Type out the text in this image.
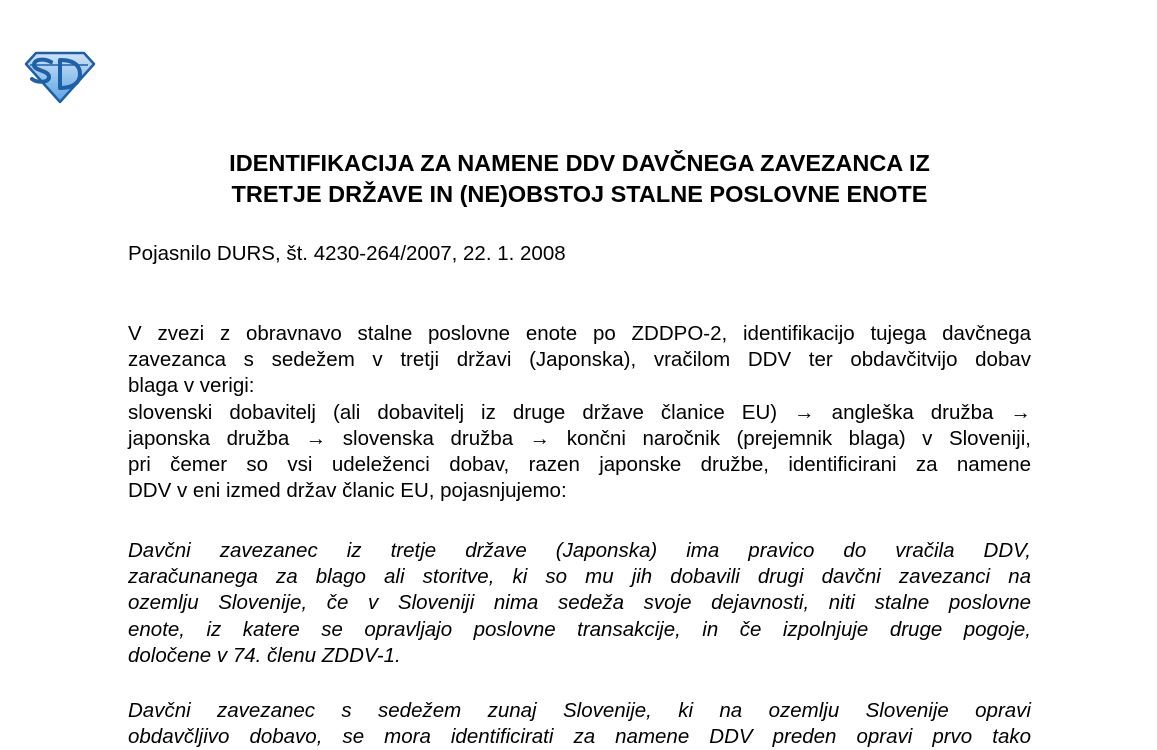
IDENTIFIKACIJA ZA NAMENE DDV DAVČNEGA ZAVEZANCA IZ
TRETJE DRŽAVE IN (NE)OBSTOJ STALNE POSLOVNE ENOTE

Pojasnilo DURS, št. 4230-264/2007, 22. 1. 2008

V zvezi z obravnavo stalne poslovne enote po ZDDPO-2, identifikacijo tujega davčnega
zavezanca s sedežem v tretji državi (Japonska), vračilom DDV ter obdavčitvijo dobav
blaga v verigi:
slovenski dobavitelj (ali dobavitelj iz druge države članice EU) → angleška družba →
japonska družba → slovenska družba → končni naročnik (prejemnik blaga) v Sloveniji,
pri čemer so vsi udeleženci dobav, razen japonske družbe, identificirani za namene
DDV v eni izmed držav članic EU, pojasnjujemo:
Davčni zavezanec iz tretje države (Japonska) ima pravico do vračila DDV,
zaračunanega za blago ali storitve, ki so mu jih dobavili drugi davčni zavezanci na
ozemlju Slovenije, če v Sloveniji nima sedeža svoje dejavnosti, niti stalne poslovne
enote, iz katere se opravljajo poslovne transakcije, in če izpolnjuje druge pogoje,
določene v 74. členu ZDDV-1.
Davčni zavezanec s sedežem zunaj Slovenije, ki na ozemlju Slovenije opravi
obdavčljivo dobavo, se mora identificirati za namene DDV preden opravi prvo tako
